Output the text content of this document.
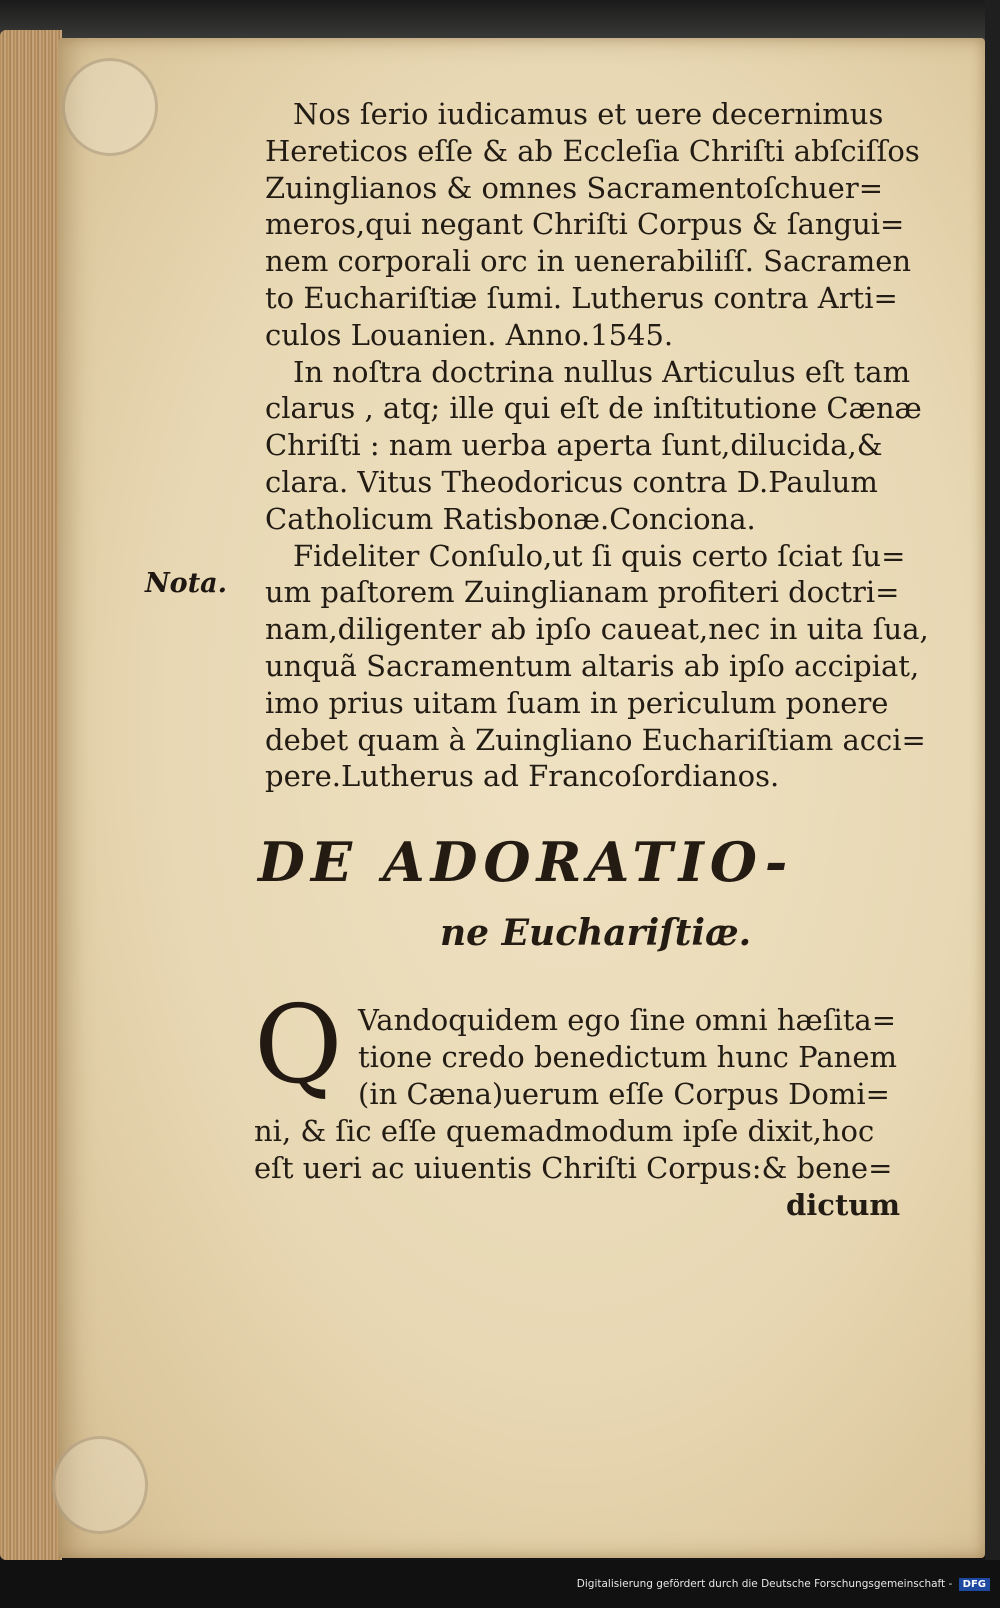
Nota.
Nos ſerio iudicamus et uere decernimus
Hereticos eſſe & ab Eccleſia Chriſti abſciſſos
Zuinglianos & omnes Sacramentoſchuer=
meros,qui negant Chriſti Corpus & ſangui=
nem corporali orc in uenerabiliſſ. Sacramen
to Euchariſtiæ ſumi. Lutherus contra Arti=
culos Louanien. Anno.1545.
In noſtra doctrina nullus Articulus eſt tam
clarus , atq; ille qui eſt de inſtitutione Cænæ
Chriſti : nam uerba aperta ſunt,dilucida,&
clara. Vitus Theodoricus contra D.Paulum
Catholicum Ratisbonæ.Conciona.
Fideliter Conſulo,ut ſi quis certo ſciat ſu=
um paſtorem Zuinglianam profiteri doctri=
nam,diligenter ab ipſo caueat,nec in uita ſua,
unquã Sacramentum altaris ab ipſo accipiat,
imo prius uitam ſuam in periculum ponere
debet quam à Zuingliano Euchariſtiam acci=
pere.Lutherus ad Francoſordianos.
DE ADORATIO-
ne Euchariſtiæ.
Q Vandoquidem ego ſine omni hæſita=
tione credo benedictum hunc Panem
(in Cæna)uerum eſſe Corpus Domi=
ni, & ſic eſſe quemadmodum ipſe dixit,hoc
eſt ueri ac uiuentis Chriſti Corpus:& bene=
dictum
Digitalisierung gefördert durch die Deutsche Forschungsgemeinschaft - DFG
